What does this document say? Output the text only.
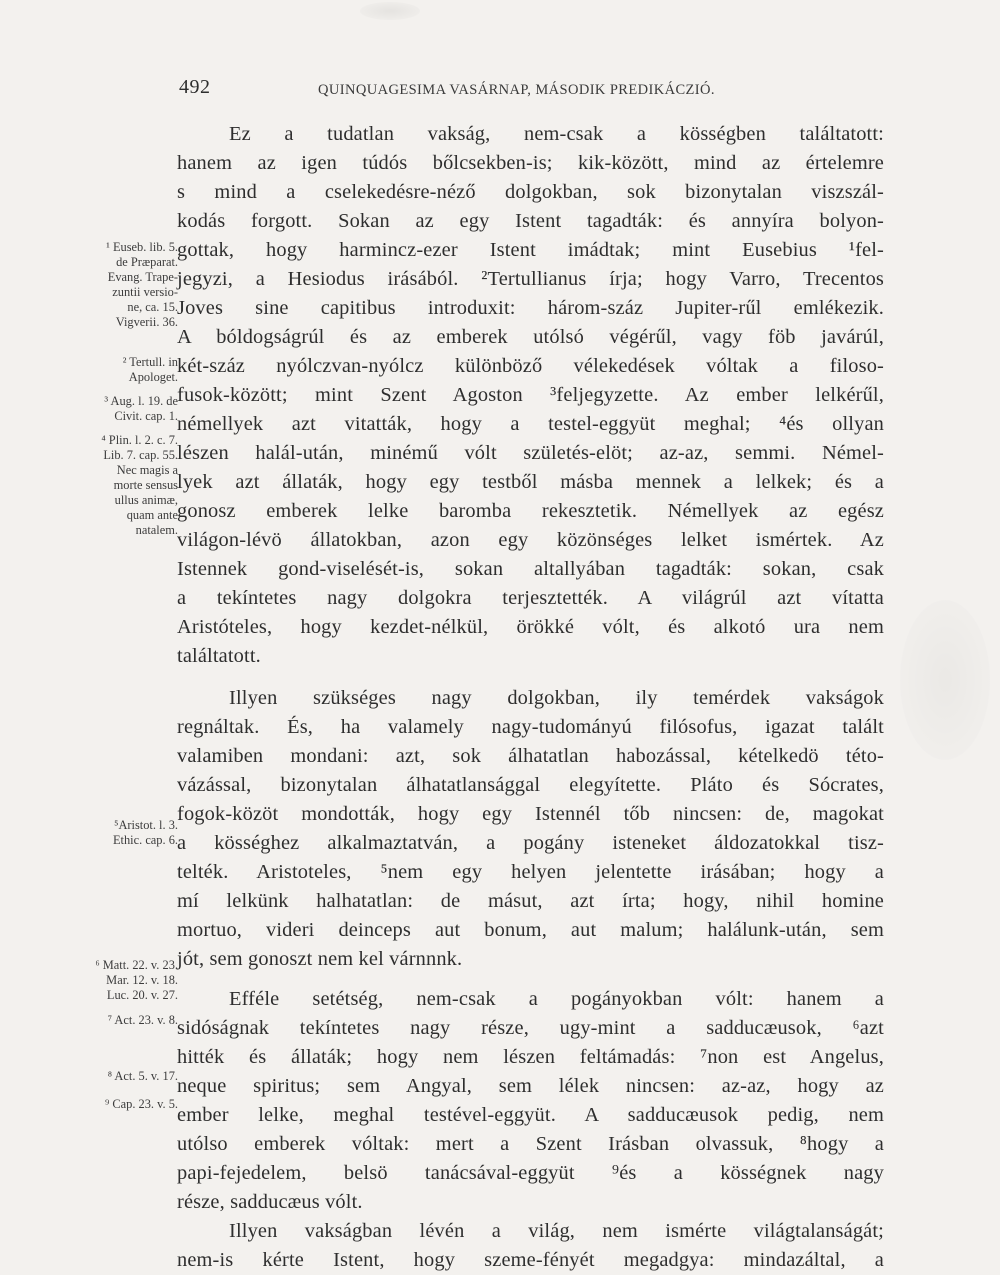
492	QUINQUAGESIMA VASÁRNAP, MÁSODIK PREDIKÁCZIÓ.
Ez a tudatlan vakság, nem-csak a kösségben találtatott:
hanem az igen túdós bőlcsekben-is; kik-között, mind az értelemre
s mind a cselekedésre-néző dolgokban, sok bizonytalan viszszál-
kodás forgott. Sokan az egy Istent tagadták: és annyíra bolyon-
gottak, hogy harmincz-ezer Istent imádtak; mint Eusebius ¹fel-
jegyzi, a Hesiodus irásából. ²Tertullianus írja; hogy Varro, Trecentos
Joves sine capitibus introduxit: három-száz Jupiter-rűl emlékezik.
A bóldogságrúl és az emberek utólsó végérűl, vagy föb javárúl,
két-száz nyólczvan-nyólcz különböző vélekedések vóltak a filoso-
fusok-között; mint Szent Agoston ³feljegyzette. Az ember lelkérűl,
némellyek azt vitatták, hogy a testel-eggyüt meghal; ⁴és ollyan
lészen halál-után, minémű vólt születés-elöt; az-az, semmi. Némel-
lyek azt állaták, hogy egy testből másba mennek a lelkek; és a
gonosz emberek lelke baromba rekesztetik. Némellyek az egész
világon-lévö állatokban, azon egy közönséges lelket ismértek. Az
Istennek gond-viselését-is, sokan altallyában tagadták: sokan, csak
a tekíntetes nagy dolgokra terjesztették. A világrúl azt vítatta
Aristóteles, hogy kezdet-nélkül, örökké vólt, és alkotó ura nem
találtatott.
Illyen szükséges nagy dolgokban, ily temérdek vakságok
regnáltak. És, ha valamely nagy-tudományú filósofus, igazat talált
valamiben mondani: azt, sok álhatatlan habozással, kételkedö této-
vázással, bizonytalan álhatatlansággal elegyítette. Pláto és Sócrates,
fogok-közöt mondották, hogy egy Istennél tőb nincsen: de, magokat
a kösséghez alkalmaztatván, a pogány isteneket áldozatokkal tisz-
telték. Aristoteles, ⁵nem egy helyen jelentette irásában; hogy a
mí lelkünk halhatatlan: de másut, azt írta; hogy, nihil homine
mortuo, videri deinceps aut bonum, aut malum; halálunk-után, sem
jót, sem gonoszt nem kel várnnnk.
Efféle setétség, nem-csak a pogányokban vólt: hanem a
sidóságnak tekíntetes nagy része, ugy-mint a sadducæusok, ⁶azt
hitték és állaták; hogy nem lészen feltámadás: ⁷non est Angelus,
neque spiritus; sem Angyal, sem lélek nincsen: az-az, hogy az
ember lelke, meghal testével-eggyüt. A sadducæusok pedig, nem
utólso emberek vóltak: mert a Szent Irásban olvassuk, ⁸hogy a
papi-fejedelem, belsö tanácsával-eggyüt ⁹és a kösségnek nagy
része, sadducæus vólt.
Illyen vakságban lévén a világ, nem ismérte világtalanságát;
nem-is kérte Istent, hogy szeme-fényét megadgya: mindazáltal, a
¹ Euseb. lib. 5.
de Præparat.
Evang. Trape-
zuntii versio-
ne, ca. 15.
Vigverii. 36.
² Tertull. in
Apologet.
³ Aug. l. 19. de
Civit. cap. 1.
⁴ Plin. l. 2. c. 7.
Lib. 7. cap. 55.
Nec magis a
morte sensus
ullus animæ,
quam ante
natalem.
⁵Aristot. l. 3.
Ethic. cap. 6.
⁶ Matt. 22. v. 23.
Mar. 12. v. 18.
Luc. 20. v. 27.
⁷ Act. 23. v. 8.
⁸ Act. 5. v. 17.
⁹ Cap. 23. v. 5.
